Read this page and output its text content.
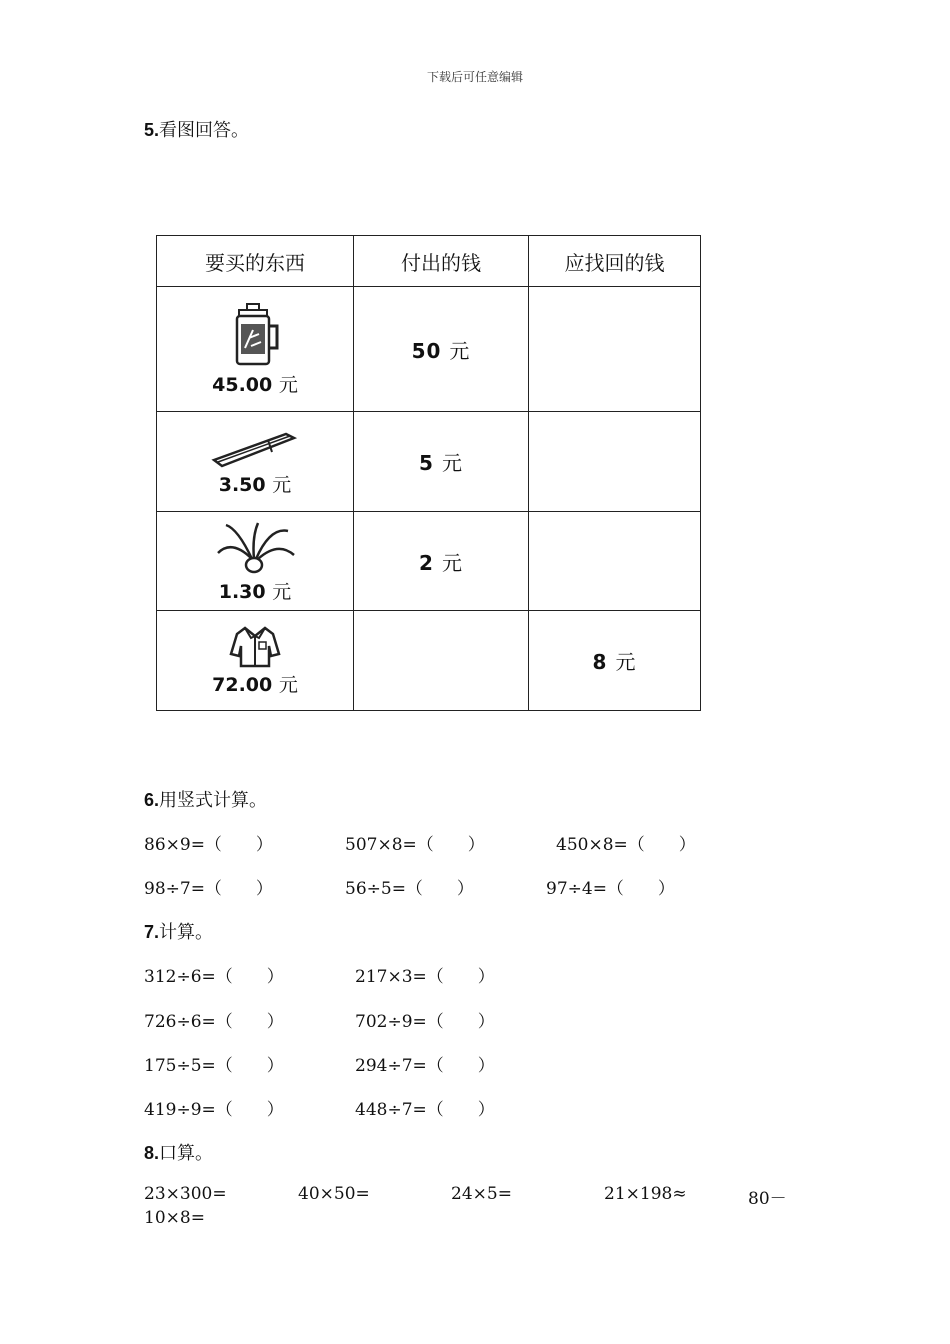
下载后可任意编辑
5.看图回答。
要买的东西	付出的钱	应找回的钱

45.00 元	50 元	

3.50 元	5 元	

1.30 元	2 元	

72.00 元		8 元
6.用竖式计算。
86×9=（　　）	507×8=（　　）	450×8=（　　）
98÷7=（　　）	56÷5=（　　）	97÷4=（　　）
7.计算。
312÷6=（　　）	217×3=（　　）
726÷6=（　　）	702÷9=（　　）
175÷5=（　　）	294÷7=（　　）
419÷9=（　　）	448÷7=（　　）
8.口算。
23×300=	40×50=	24×5=	21×198≈	80－
10×8=
